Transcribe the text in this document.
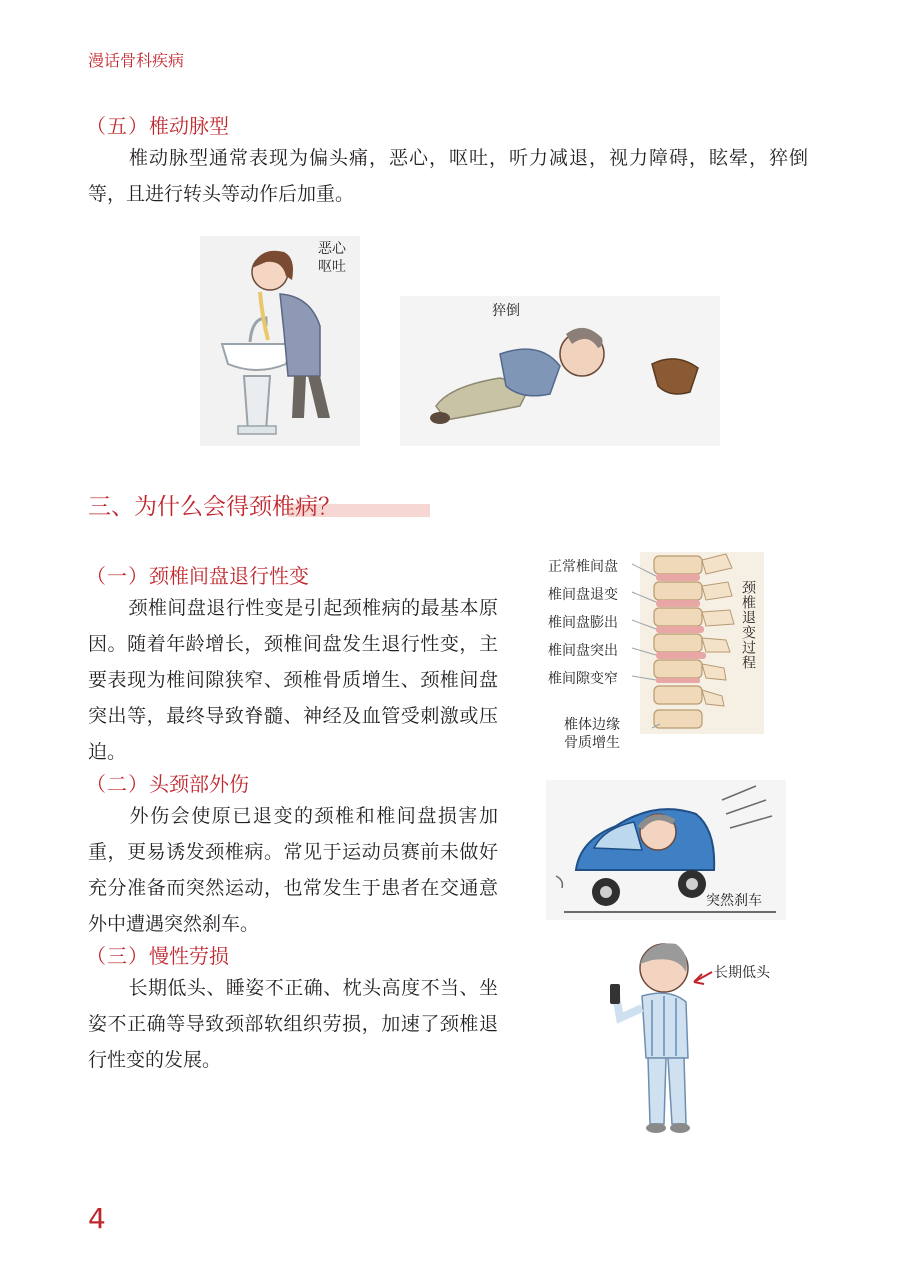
漫话骨科疾病
（五）椎动脉型
椎动脉型通常表现为偏头痛，恶心，呕吐，听力减退，视力障碍，眩晕，猝倒等，且进行转头等动作后加重。
恶心
呕吐
猝倒
三、为什么会得颈椎病？
（一）颈椎间盘退行性变
颈椎间盘退行性变是引起颈椎病的最基本原因。随着年龄增长，颈椎间盘发生退行性变，主要表现为椎间隙狭窄、颈椎骨质增生、颈椎间盘突出等，最终导致脊髓、神经及血管受刺激或压迫。
正常椎间盘
椎间盘退变
椎间盘膨出
椎间盘突出
椎间隙变窄
椎体边缘
骨质增生
颈椎退变过程
（二）头颈部外伤
外伤会使原已退变的颈椎和椎间盘损害加重，更易诱发颈椎病。常见于运动员赛前未做好充分准备而突然运动，也常发生于患者在交通意外中遭遇突然刹车。
突然刹车
（三）慢性劳损
长期低头、睡姿不正确、枕头高度不当、坐姿不正确等导致颈部软组织劳损，加速了颈椎退行性变的发展。
长期低头
4
